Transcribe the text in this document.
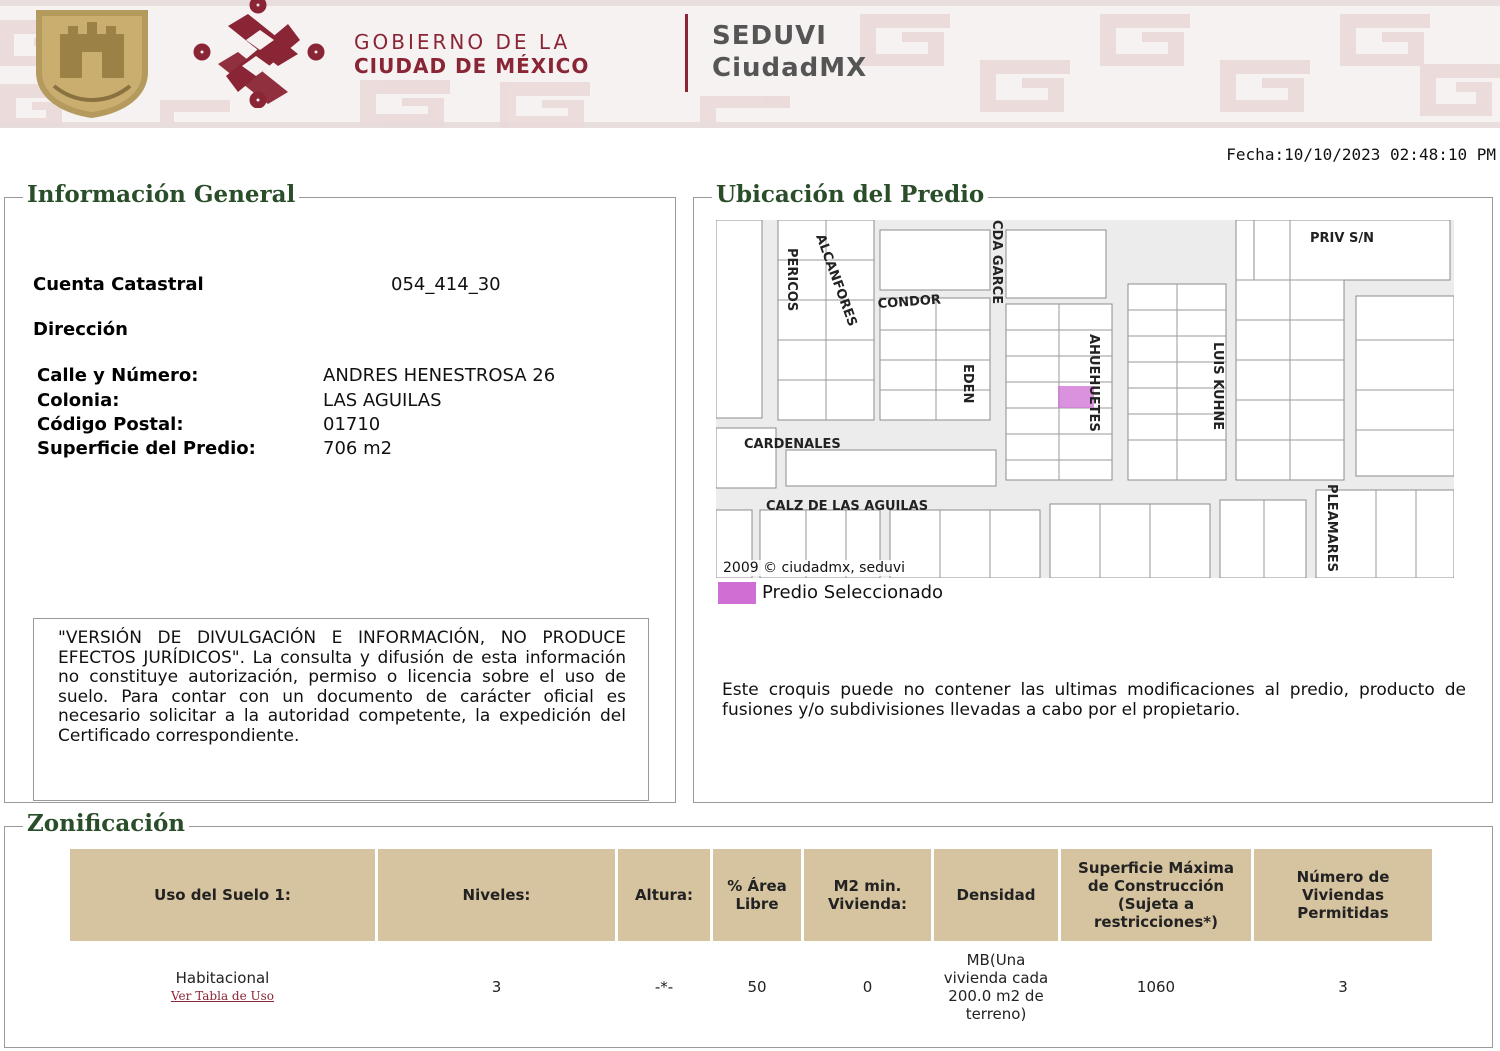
GOBIERNO DE LA
CIUDAD DE MÉXICO
SEDUVI
CiudadMX
Fecha:10/10/2023 02:48:10 PM
Información General
Cuenta Catastral	054_414_30
Dirección
Calle y Número:	ANDRES HENESTROSA 26
Colonia:	LAS AGUILAS
Código Postal:	01710
Superficie del Predio:	706 m2
"VERSIÓN DE DIVULGACIÓN E INFORMACIÓN, NO PRODUCE EFECTOS JURÍDICOS". La consulta y difusión de esta información no constituye autorización, permiso o licencia sobre el uso de suelo. Para contar con un documento de carácter oficial es necesario solicitar a la autoridad competente, la expedición del Certificado correspondiente.
Ubicación del Predio
PERICOS ALCANFORES	CDA GARCE
CONDOR
PRIV S/N
AHUEHUETES	LUIS KUHNE
EDEN
CARDENALES
CALZ DE LAS AGUILAS	PLEAMARES
2009 © ciudadmx, seduvi
Predio Seleccionado
Este croquis puede no contener las ultimas modificaciones al predio, producto de fusiones y/o subdivisiones llevadas a cabo por el propietario.
Zonificación
Uso del Suelo 1:	Niveles:	Altura:	% Área Libre	M2 min. Vivienda:	Densidad	Superficie Máxima de Construcción (Sujeta a restricciones*)	Número de Viviendas Permitidas
Habitacional
Ver Tabla de Uso	3	-*-	50	0	MB(Una vivienda cada 200.0 m2 de terreno)	1060	3
